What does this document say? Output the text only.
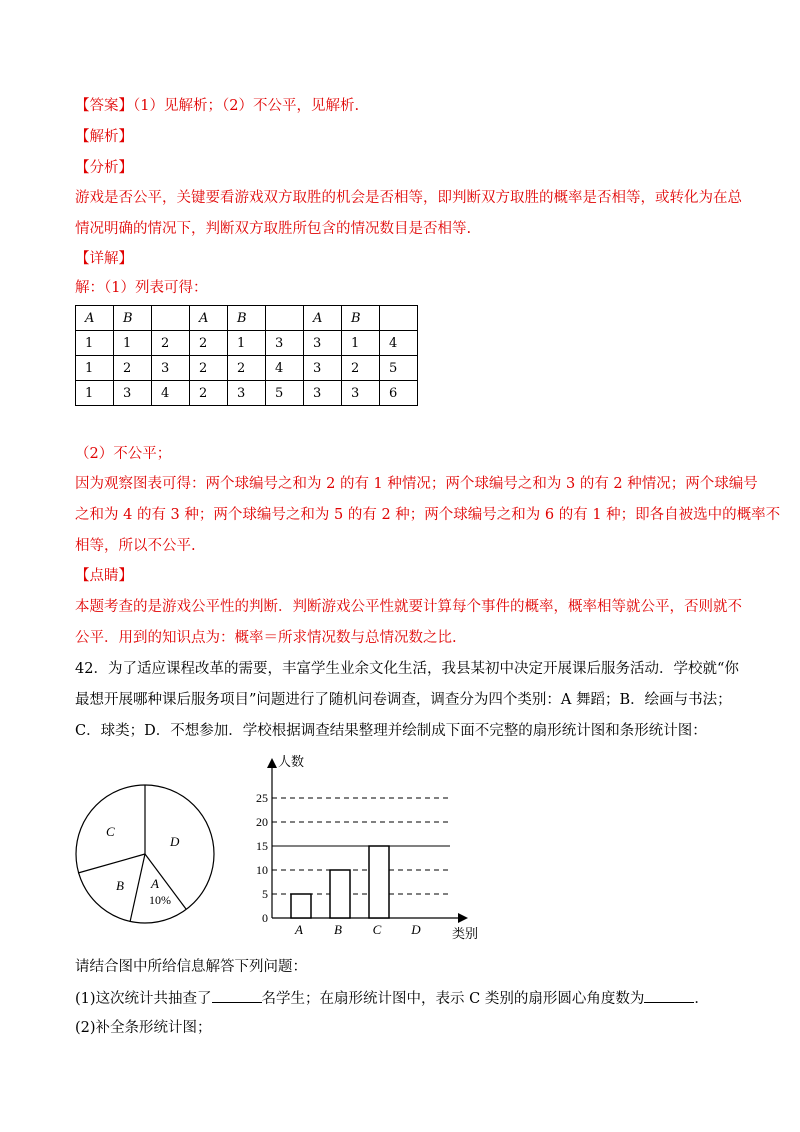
【答案】（1）见解析；（2）不公平，见解析.
【解析】
【分析】
游戏是否公平，关键要看游戏双方取胜的机会是否相等，即判断双方取胜的概率是否相等，或转化为在总
情况明确的情况下，判断双方取胜所包含的情况数目是否相等.
【详解】
解：（1）列表可得：
A	B		A	B		A	B	
1	1	2	2	1	3	3	1	4
1	2	3	2	2	4	3	2	5
1	3	4	2	3	5	3	3	6
（2）不公平；
因为观察图表可得：两个球编号之和为 2 的有 1 种情况；两个球编号之和为 3 的有 2 种情况；两个球编号
之和为 4 的有 3 种；两个球编号之和为 5 的有 2 种；两个球编号之和为 6 的有 1 种；即各自被选中的概率不
相等，所以不公平.
【点睛】
本题考查的是游戏公平性的判断．判断游戏公平性就要计算每个事件的概率，概率相等就公平，否则就不
公平．用到的知识点为：概率＝所求情况数与总情况数之比.
42．为了适应课程改革的需要，丰富学生业余文化生活，我县某初中决定开展课后服务活动．学校就“你
最想开展哪种课后服务项目”问题进行了随机问卷调查，调查分为四个类别：A 舞蹈；B．绘画与书法；
C．球类；D．不想参加．学校根据调查结果整理并绘制成下面不完整的扇形统计图和条形统计图：
C
D
A
B
10%
0
5
10
15
20
25
人数
类别
A B C D
请结合图中所给信息解答下列问题：
(1)这次统计共抽查了	名学生；在扇形统计图中，表示 C 类别的扇形圆心角度数为	．
(2)补全条形统计图；
